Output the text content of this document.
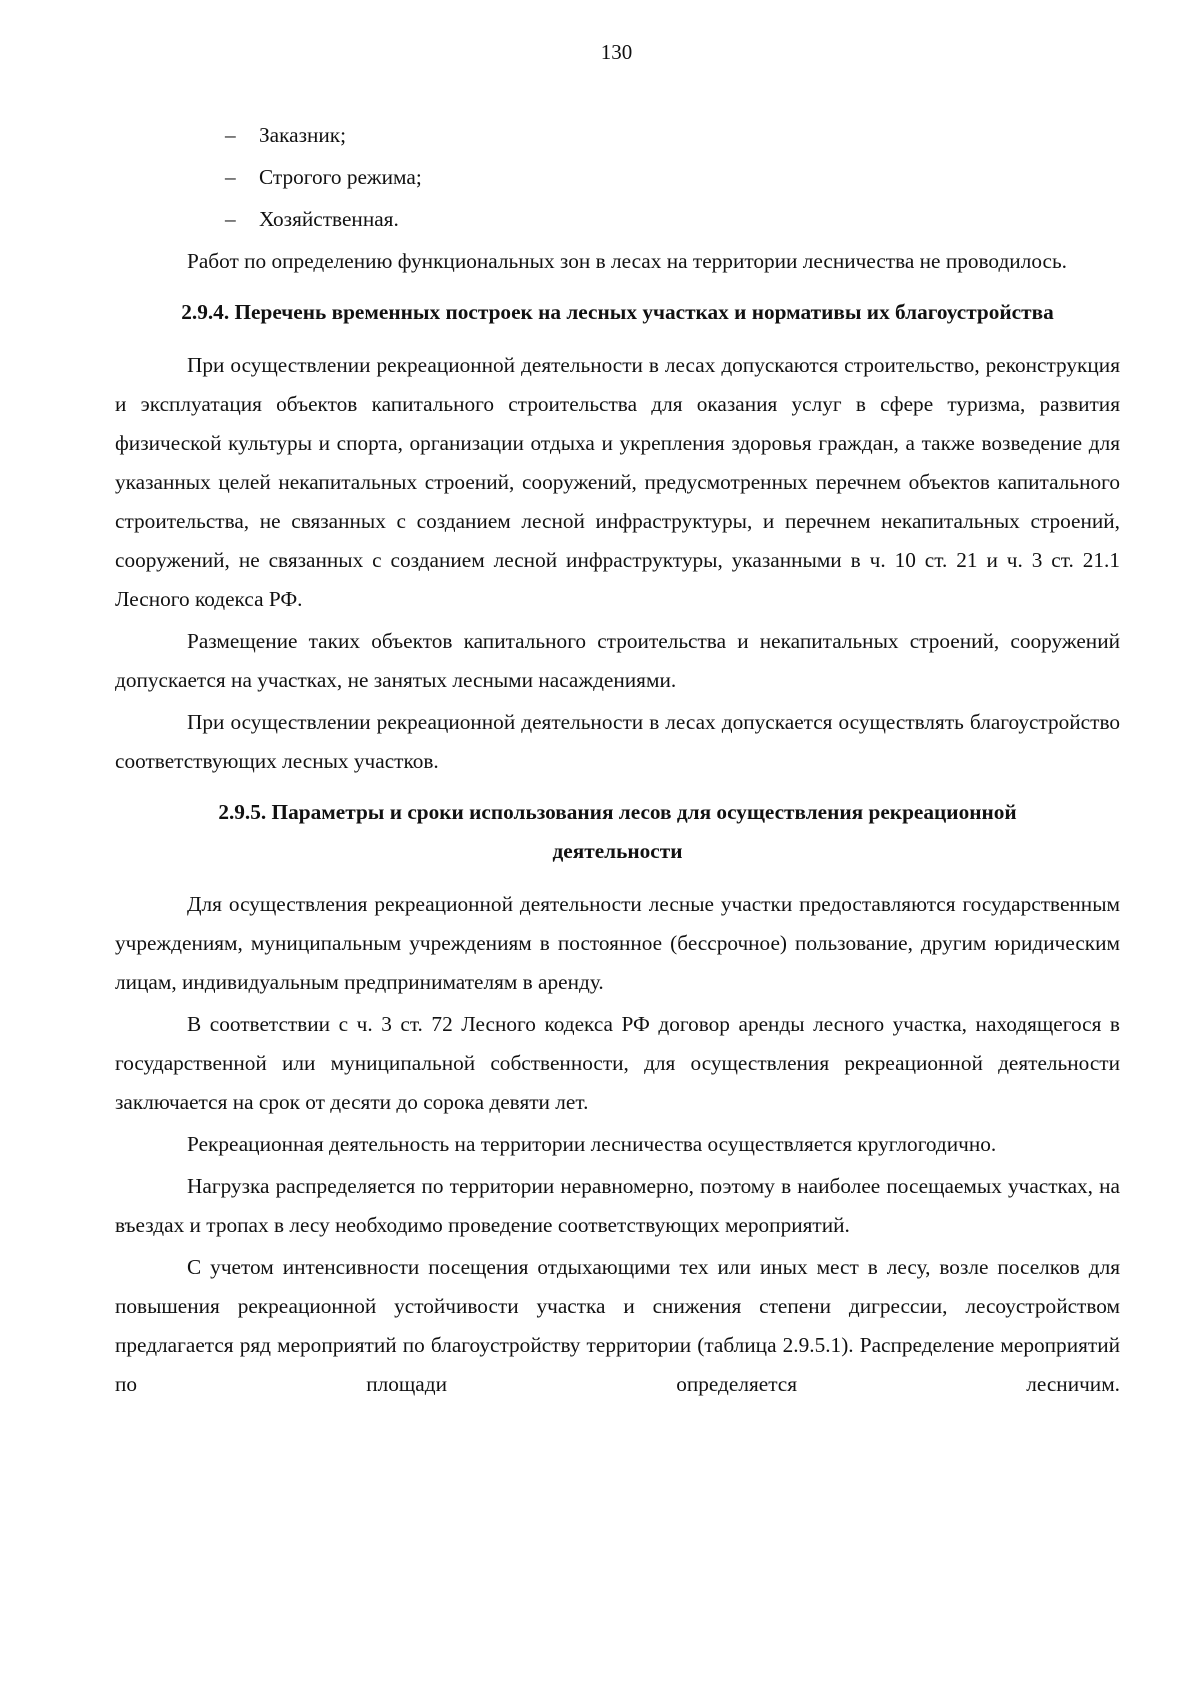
130
– Заказник;
– Строгого режима;
– Хозяйственная.

Работ по определению функциональных зон в лесах на территории лесничества не проводилось.

2.9.4. Перечень временных построек на лесных участках и нормативы их благоустройства

При осуществлении рекреационной деятельности в лесах допускаются строительство, реконструкция и эксплуатация объектов капитального строительства для оказания услуг в сфере туризма, развития физической культуры и спорта, организации отдыха и укрепления здоровья граждан, а также возведение для указанных целей некапитальных строений, сооружений, предусмотренных перечнем объектов капитального строительства, не связанных с созданием лесной инфраструктуры, и перечнем некапитальных строений, сооружений, не связанных с созданием лесной инфраструктуры, указанными в ч. 10 ст. 21 и ч. 3 ст. 21.1 Лесного кодекса РФ.

Размещение таких объектов капитального строительства и некапитальных строений, сооружений допускается на участках, не занятых лесными насаждениями.

При осуществлении рекреационной деятельности в лесах допускается осуществлять благоустройство соответствующих лесных участков.

2.9.5. Параметры и сроки использования лесов для осуществления рекреационной деятельности

Для осуществления рекреационной деятельности лесные участки предоставляются государственным учреждениям, муниципальным учреждениям в постоянное (бессрочное) пользование, другим юридическим лицам, индивидуальным предпринимателям в аренду.

В соответствии с ч. 3 ст. 72 Лесного кодекса РФ договор аренды лесного участка, находящегося в государственной или муниципальной собственности, для осуществления рекреационной деятельности заключается на срок от десяти до сорока девяти лет.

Рекреационная деятельность на территории лесничества осуществляется круглогодично.

Нагрузка распределяется по территории неравномерно, поэтому в наиболее посещаемых участках, на въездах и тропах в лесу необходимо проведение соответствующих мероприятий.

С учетом интенсивности посещения отдыхающими тех или иных мест в лесу, возле поселков для повышения рекреационной устойчивости участка и снижения степени дигрессии, лесоустройством предлагается ряд мероприятий по благоустройству территории (таблица 2.9.5.1). Распределение мероприятий по площади определяется лесничим.
